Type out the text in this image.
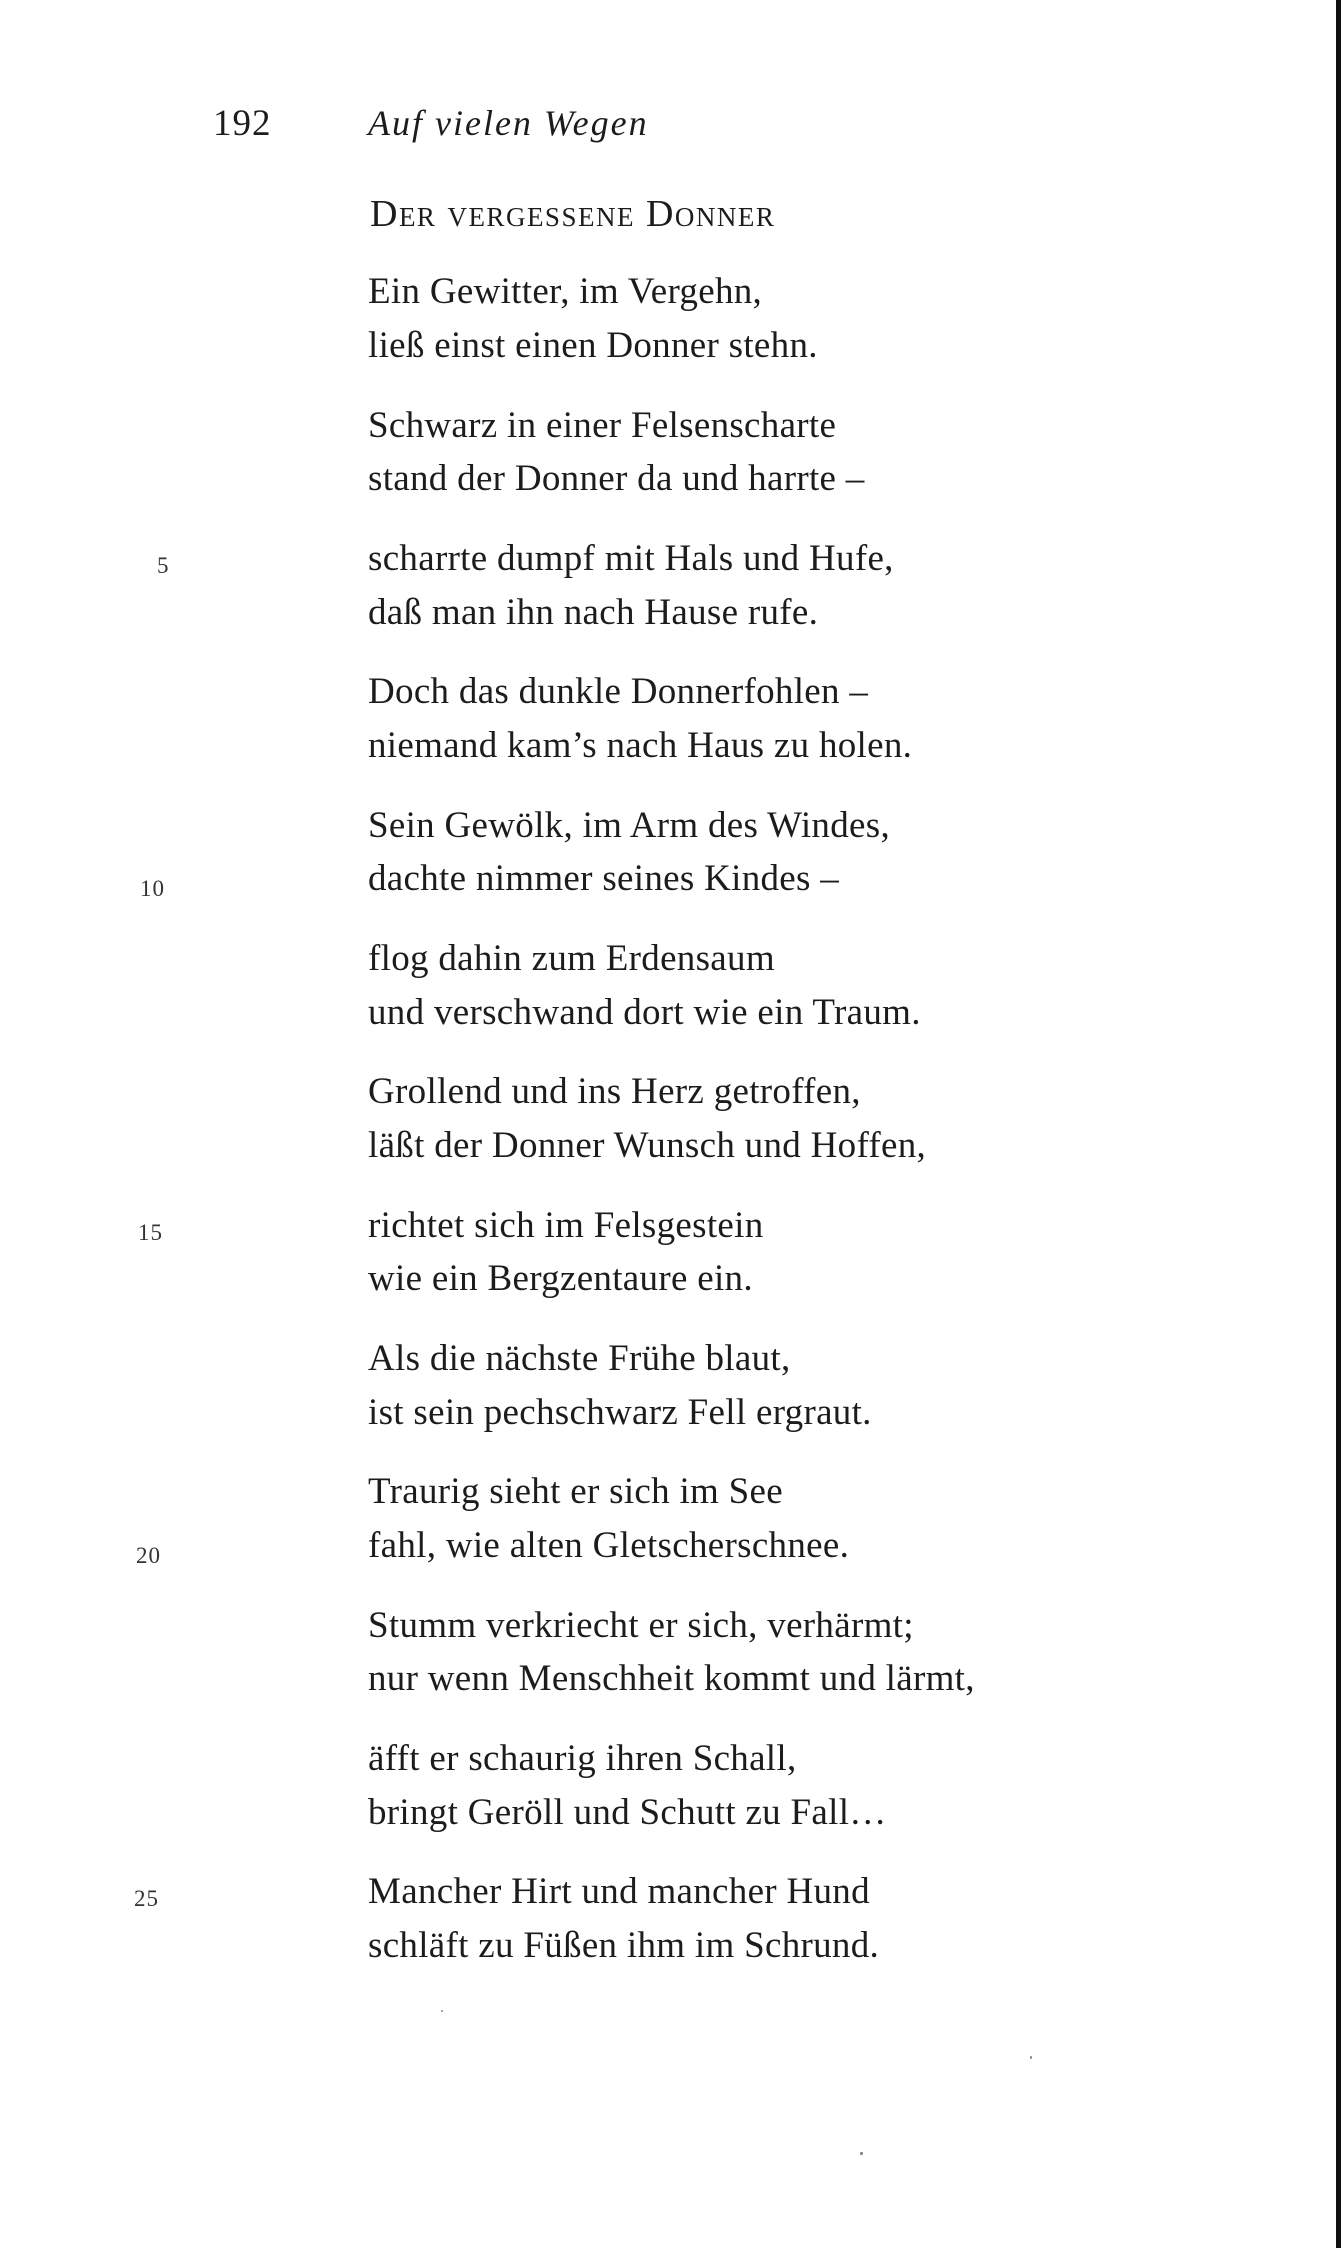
192	Auf vielen Wegen
Der vergessene Donner
Ein Gewitter, im Vergehn,
ließ einst einen Donner stehn.
Schwarz in einer Felsenscharte
stand der Donner da und harrte –
scharrte dumpf mit Hals und Hufe,
daß man ihn nach Hause rufe.
Doch das dunkle Donnerfohlen –
niemand kam’s nach Haus zu holen.
Sein Gewölk, im Arm des Windes,
dachte nimmer seines Kindes –
flog dahin zum Erdensaum
und verschwand dort wie ein Traum.
Grollend und ins Herz getroffen,
läßt der Donner Wunsch und Hoffen,
richtet sich im Felsgestein
wie ein Bergzentaure ein.
Als die nächste Frühe blaut,
ist sein pechschwarz Fell ergraut.
Traurig sieht er sich im See
fahl, wie alten Gletscherschnee.
Stumm verkriecht er sich, verhärmt;
nur wenn Menschheit kommt und lärmt,
äfft er schaurig ihren Schall,
bringt Geröll und Schutt zu Fall…
Mancher Hirt und mancher Hund
schläft zu Füßen ihm im Schrund.
5
10
15
20
25
